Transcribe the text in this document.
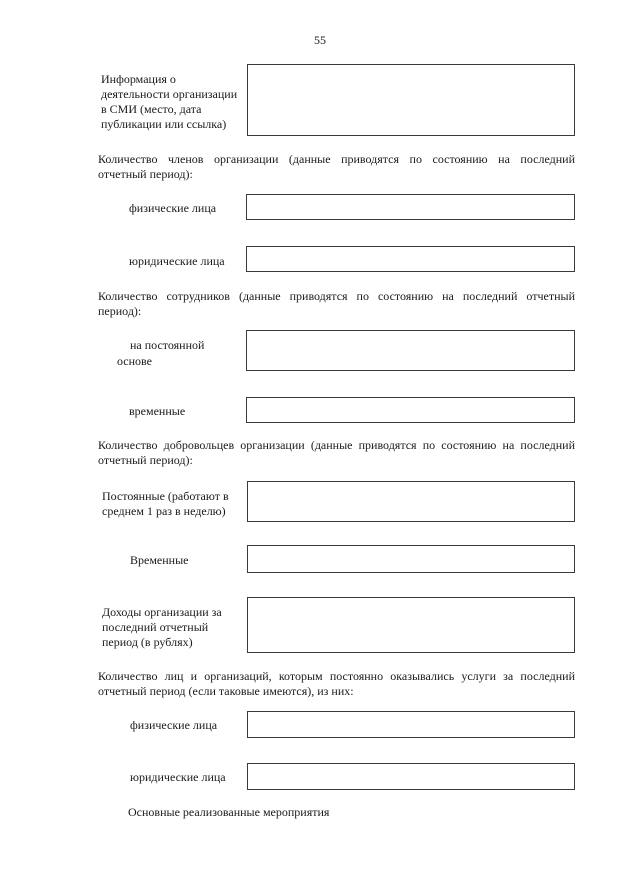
55
Информация о
деятельности организации
в СМИ (место, дата
публикации или ссылка)
Количество членов организации (данные приводятся по состоянию на последний
отчетный период):
физические лица
юридические лица
Количество сотрудников (данные приводятся по состоянию на последний отчетный
период):
на постоянной
основе
временные
Количество добровольцев организации (данные приводятся по состоянию на последний
отчетный период):
Постоянные (работают в
среднем 1 раз в неделю)
Временные
Доходы организации за
последний отчетный
период (в рублях)
Количество лиц и организаций, которым постоянно оказывались услуги за последний
отчетный период (если таковые имеются), из них:
физические лица
юридические лица
Основные реализованные мероприятия
